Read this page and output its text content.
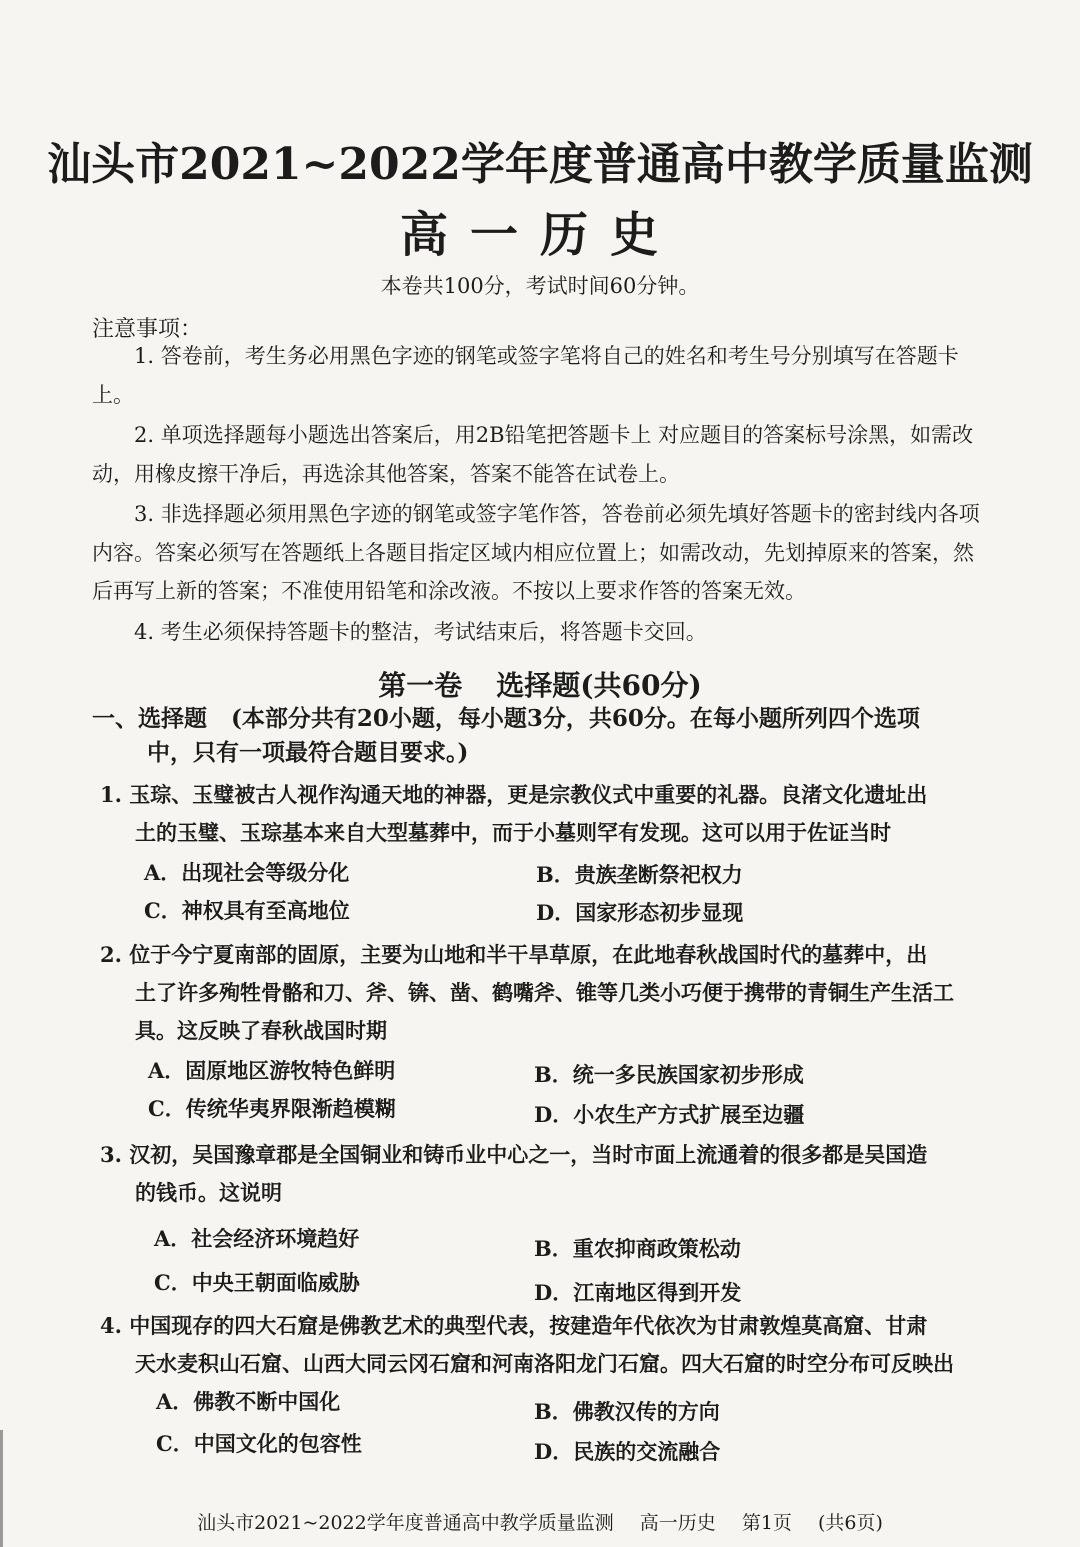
汕头市2021~2022学年度普通高中教学质量监测
高一历史
本卷共100分，考试时间60分钟。
注意事项：

1. 答卷前，考生务必用黑色字迹的钢笔或签字笔将自己的姓名和考生号分别填写在答题卡上。

2. 单项选择题每小题选出答案后，用2B铅笔把答题卡上 对应题目的答案标号涂黑，如需改动，用橡皮擦干净后，再选涂其他答案，答案不能答在试卷上。

3. 非选择题必须用黑色字迹的钢笔或签字笔作答，答卷前必须先填好答题卡的密封线内各项内容。答案必须写在答题纸上各题目指定区域内相应位置上；如需改动，先划掉原来的答案，然后再写上新的答案；不准使用铅笔和涂改液。不按以上要求作答的答案无效。

4. 考生必须保持答题卡的整洁，考试结束后，将答题卡交回。

第一卷 选择题(共60分)
一、选择题 (本部分共有20小题，每小题3分，共60分。在每小题所列四个选项
中，只有一项最符合题目要求。)
1. 玉琮、玉璧被古人视作沟通天地的神器，更是宗教仪式中重要的礼器。良渚文化遗址出
土的玉璧、玉琮基本来自大型墓葬中，而于小墓则罕有发现。这可以用于佐证当时
A．出现社会等级分化	B．贵族垄断祭祀权力
C．神权具有至高地位	D．国家形态初步显现
2. 位于今宁夏南部的固原，主要为山地和半干旱草原，在此地春秋战国时代的墓葬中，出
土了许多殉牲骨骼和刀、斧、锛、凿、鹤嘴斧、锥等几类小巧便于携带的青铜生产生活工
具。这反映了春秋战国时期
A．固原地区游牧特色鲜明	B．统一多民族国家初步形成
C．传统华夷界限渐趋模糊	D．小农生产方式扩展至边疆
3. 汉初，吴国豫章郡是全国铜业和铸币业中心之一，当时市面上流通着的很多都是吴国造
的钱币。这说明
A．社会经济环境趋好	B．重农抑商政策松动
C．中央王朝面临威胁	D．江南地区得到开发
4. 中国现存的四大石窟是佛教艺术的典型代表，按建造年代依次为甘肃敦煌莫高窟、甘肃
天水麦积山石窟、山西大同云冈石窟和河南洛阳龙门石窟。四大石窟的时空分布可反映出
A．佛教不断中国化	B．佛教汉传的方向
C．中国文化的包容性	D．民族的交流融合
汕头市2021~2022学年度普通高中教学质量监测 高一历史 第1页 (共6页)
